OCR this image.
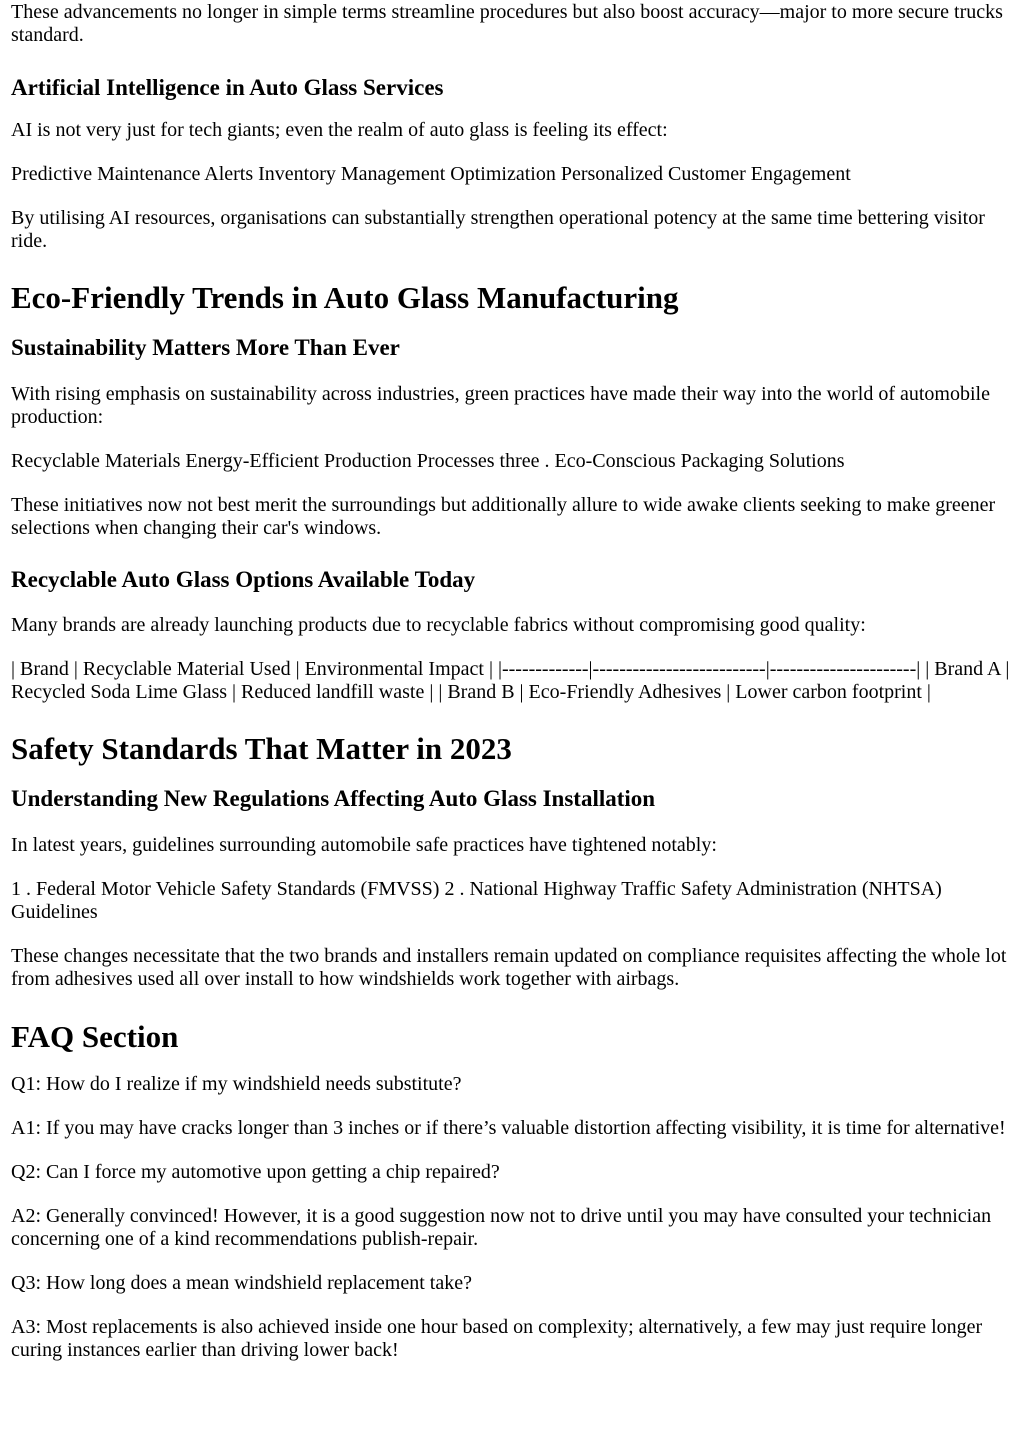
These advancements no longer in simple terms streamline procedures but also boost accuracy—major to more secure trucks standard.

Artificial Intelligence in Auto Glass Services

AI is not very just for tech giants; even the realm of auto glass is feeling its effect:

Predictive Maintenance Alerts Inventory Management Optimization Personalized Customer Engagement

By utilising AI resources, organisations can substantially strengthen operational potency at the same time bettering visitor ride.

Eco-Friendly Trends in Auto Glass Manufacturing
Sustainability Matters More Than Ever

With rising emphasis on sustainability across industries, green practices have made their way into the world of automobile production:

Recyclable Materials Energy-Efficient Production Processes three . Eco-Conscious Packaging Solutions

These initiatives now not best merit the surroundings but additionally allure to wide awake clients seeking to make greener selections when changing their car's windows.

Recyclable Auto Glass Options Available Today

Many brands are already launching products due to recyclable fabrics without compromising good quality:

| Brand | Recyclable Material Used | Environmental Impact | |-------------|--------------------------|----------------------| | Brand A | Recycled Soda Lime Glass | Reduced landfill waste | | Brand B | Eco-Friendly Adhesives | Lower carbon footprint |

Safety Standards That Matter in 2023
Understanding New Regulations Affecting Auto Glass Installation

In latest years, guidelines surrounding automobile safe practices have tightened notably:

1 . Federal Motor Vehicle Safety Standards (FMVSS) 2 . National Highway Traffic Safety Administration (NHTSA) Guidelines

These changes necessitate that the two brands and installers remain updated on compliance requisites affecting the whole lot from adhesives used all over install to how windshields work together with airbags.

FAQ Section

Q1: How do I realize if my windshield needs substitute?

A1: If you may have cracks longer than 3 inches or if there’s valuable distortion affecting visibility, it is time for alternative!

Q2: Can I force my automotive upon getting a chip repaired?

A2: Generally convinced! However, it is a good suggestion now not to drive until you may have consulted your technician concerning one of a kind recommendations publish-repair.

Q3: How long does a mean windshield replacement take?

A3: Most replacements is also achieved inside one hour based on complexity; alternatively, a few may just require longer curing instances earlier than driving lower back!
